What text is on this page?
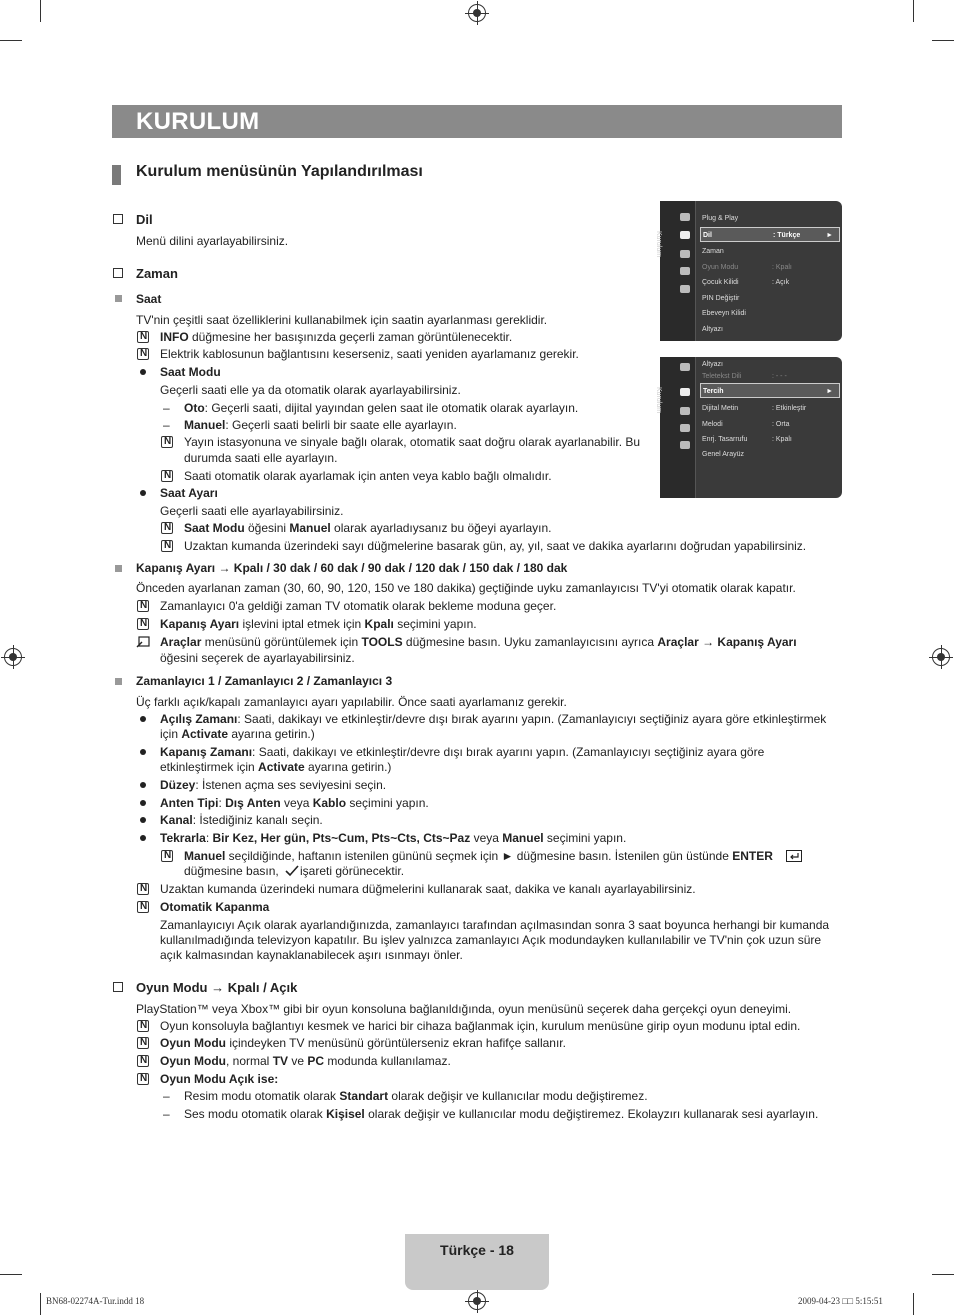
KURULUM
Kurulum menüsünün Yapılandırılması
Kurulum
Plug & Play
Dil	: Türkçe	►
Zaman
Oyun Modu	: Kpalı
Çocuk Kilidi	: Açık
PIN Değiştir
Ebeveyn Kilidi
Altyazı
Kurulum
Altyazı
Teletekst Dili	: - - -
Tercih	►
Dijital Metin	: Etkinleştir
Melodi	: Orta
Enrj. Tasarrufu	: Kpalı
Genel Arayüz
Dil
Menü dilini ayarlayabilirsiniz.
Zaman
Saat
TV'nin çeşitli saat özelliklerini kullanabilmek için saatin ayarlanması gereklidir.
N
INFO düğmesine her basışınızda geçerli zaman görüntülenecektir.
N
Elektrik kablosunun bağlantısını keserseniz, saati yeniden ayarlamanız gerekir.
Saat Modu
Geçerli saati elle ya da otomatik olarak ayarlayabilirsiniz.
– Oto: Geçerli saati, dijital yayından gelen saat ile otomatik olarak ayarlayın.
– Manuel: Geçerli saati belirli bir saate elle ayarlayın.
N
Yayın istasyonuna ve sinyale bağlı olarak, otomatik saat doğru olarak ayarlanabilir. Bu
durumda saati elle ayarlayın.
N
Saati otomatik olarak ayarlamak için anten veya kablo bağlı olmalıdır.
Saat Ayarı
Geçerli saati elle ayarlayabilirsiniz.
N
Saat Modu öğesini Manuel olarak ayarladıysanız bu öğeyi ayarlayın.
N
Uzaktan kumanda üzerindeki sayı düğmelerine basarak gün, ay, yıl, saat ve dakika ayarlarını doğrudan yapabilirsiniz.
Kapanış Ayarı → Kpalı / 30 dak / 60 dak / 90 dak / 120 dak / 150 dak / 180 dak
Önceden ayarlanan zaman (30, 60, 90, 120, 150 ve 180 dakika) geçtiğinde uyku zamanlayıcısı TV'yi otomatik olarak kapatır.
N
Zamanlayıcı 0'a geldiği zaman TV otomatik olarak bekleme moduna geçer.
N
Kapanış Ayarı işlevini iptal etmek için Kpalı seçimini yapın.
Araçlar menüsünü görüntülemek için TOOLS düğmesine basın. Uyku zamanlayıcısını ayrıca Araçlar → Kapanış Ayarı
öğesini seçerek de ayarlayabilirsiniz.
Zamanlayıcı 1 / Zamanlayıcı 2 / Zamanlayıcı 3
Üç farklı açık/kapalı zamanlayıcı ayarı yapılabilir. Önce saati ayarlamanız gerekir.
Açılış Zamanı: Saati, dakikayı ve etkinleştir/devre dışı bırak ayarını yapın. (Zamanlayıcıyı seçtiğiniz ayara göre etkinleştirmek
için Activate ayarına getirin.)
Kapanış Zamanı: Saati, dakikayı ve etkinleştir/devre dışı bırak ayarını yapın. (Zamanlayıcıyı seçtiğiniz ayara göre
etkinleştirmek için Activate ayarına getirin.)
Düzey: İstenen açma ses seviyesini seçin.
Anten Tipi: Dış Anten veya Kablo seçimini yapın.
Kanal: İstediğiniz kanalı seçin.
Tekrarla: Bir Kez, Her gün, Pts~Cum, Pts~Cts, Cts~Paz veya Manuel seçimini yapın.
N
Manuel seçildiğinde, haftanın istenilen gününü seçmek için ► düğmesine basın. İstenilen gün üstünde ENTER
düğmesine basın, işareti görünecektir.
N
Uzaktan kumanda üzerindeki numara düğmelerini kullanarak saat, dakika ve kanalı ayarlayabilirsiniz.
N
Otomatik Kapanma
Zamanlayıcıyı Açık olarak ayarlandığınızda, zamanlayıcı tarafından açılmasından sonra 3 saat boyunca herhangi bir kumanda
kullanılmadığında televizyon kapatılır. Bu işlev yalnızca zamanlayıcı Açık modundayken kullanılabilir ve TV'nin çok uzun süre
açık kalmasından kaynaklanabilecek aşırı ısınmayı önler.
Oyun Modu → Kpalı / Açık
PlayStation™ veya Xbox™ gibi bir oyun konsoluna bağlanıldığında, oyun menüsünü seçerek daha gerçekçi oyun deneyimi.
N
Oyun konsoluyla bağlantıyı kesmek ve harici bir cihaza bağlanmak için, kurulum menüsüne girip oyun modunu iptal edin.
N
Oyun Modu içindeyken TV menüsünü görüntülerseniz ekran hafifçe sallanır.
N
Oyun Modu, normal TV ve PC modunda kullanılamaz.
N
Oyun Modu Açık ise:
– Resim modu otomatik olarak Standart olarak değişir ve kullanıcılar modu değiştiremez.
– Ses modu otomatik olarak Kişisel olarak değişir ve kullanıcılar modu değiştiremez. Ekolayzırı kullanarak sesi ayarlayın.
Türkçe - 18
BN68-02274A-Tur.indd 18	2009-04-23 □□ 5:15:51
